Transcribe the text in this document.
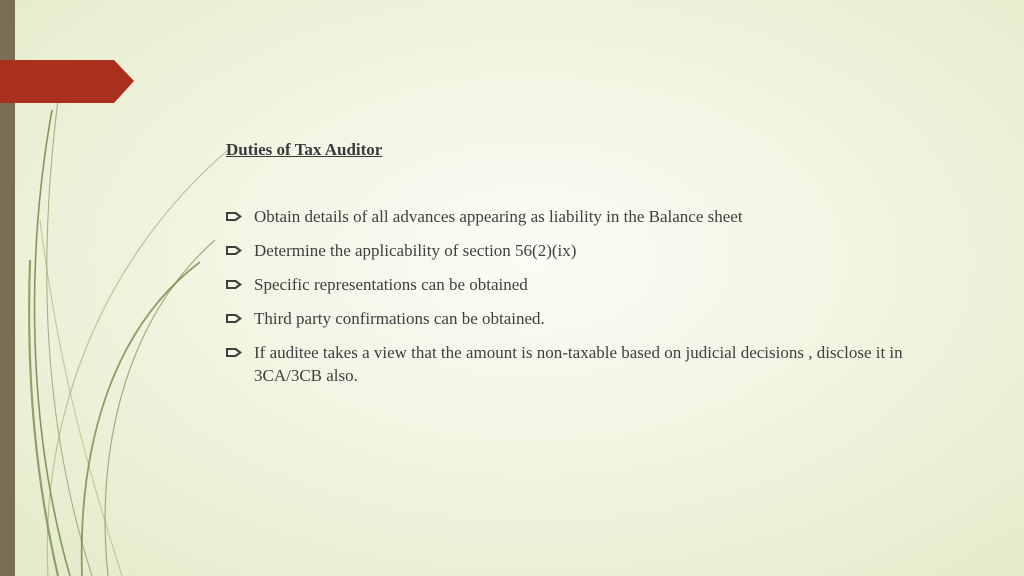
Duties of Tax Auditor
Obtain details of all advances appearing as liability in the Balance sheet
Determine the applicability of section 56(2)(ix)
Specific representations can be obtained
Third party confirmations can be obtained.
If auditee takes a view that the amount is non-taxable based on judicial decisions , disclose it in 3CA/3CB also.
